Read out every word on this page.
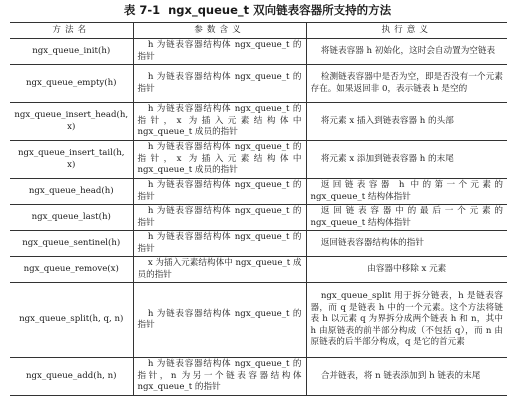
表 7-1 ngx_queue_t 双向链表容器所支持的方法
方法名	参数含义	执行意义
ngx_queue_init(h)	h 为链表容器结构体 ngx_queue_t 的指针	将链表容器 h 初始化，这时会自动置为空链表
ngx_queue_empty(h)	h 为链表容器结构体 ngx_queue_t 的指针	检测链表容器中是否为空，即是否没有一个元素存在。如果返回非 0，表示链表 h 是空的
ngx_queue_insert_head(h, x)	h 为链表容器结构体 ngx_queue_t 的指针，x 为插入元素结构体中 ngx_queue_t 成员的指针	将元素 x 插入到链表容器 h 的头部
ngx_queue_insert_tail(h, x)	h 为链表容器结构体 ngx_queue_t 的指针，x 为插入元素结构体中 ngx_queue_t 成员的指针	将元素 x 添加到链表容器 h 的末尾
ngx_queue_head(h)	h 为链表容器结构体 ngx_queue_t 的指针	返回链表容器 h 中的第一个元素的 ngx_queue_t 结构体指针
ngx_queue_last(h)	h 为链表容器结构体 ngx_queue_t 的指针	返回链表容器中的最后一个元素的 ngx_queue_t 结构体指针
ngx_queue_sentinel(h)	h 为链表容器结构体 ngx_queue_t 的指针	返回链表容器结构体的指针
ngx_queue_remove(x)	x 为插入元素结构体中 ngx_queue_t 成员的指针	由容器中移除 x 元素
ngx_queue_split(h, q, n)	h 为链表容器结构体 ngx_queue_t 的指针	ngx_queue_split 用于拆分链表，h 是链表容器，而 q 是链表 h 中的一个元素。这个方法将链表 h 以元素 q 为界拆分成两个链表 h 和 n，其中 h 由原链表的前半部分构成（不包括 q），而 n 由原链表的后半部分构成，q 是它的首元素
ngx_queue_add(h, n)	h 为链表容器结构体 ngx_queue_t 的指针，n 为另一个链表容器结构体 ngx_queue_t 的指针	合并链表，将 n 链表添加到 h 链表的末尾
